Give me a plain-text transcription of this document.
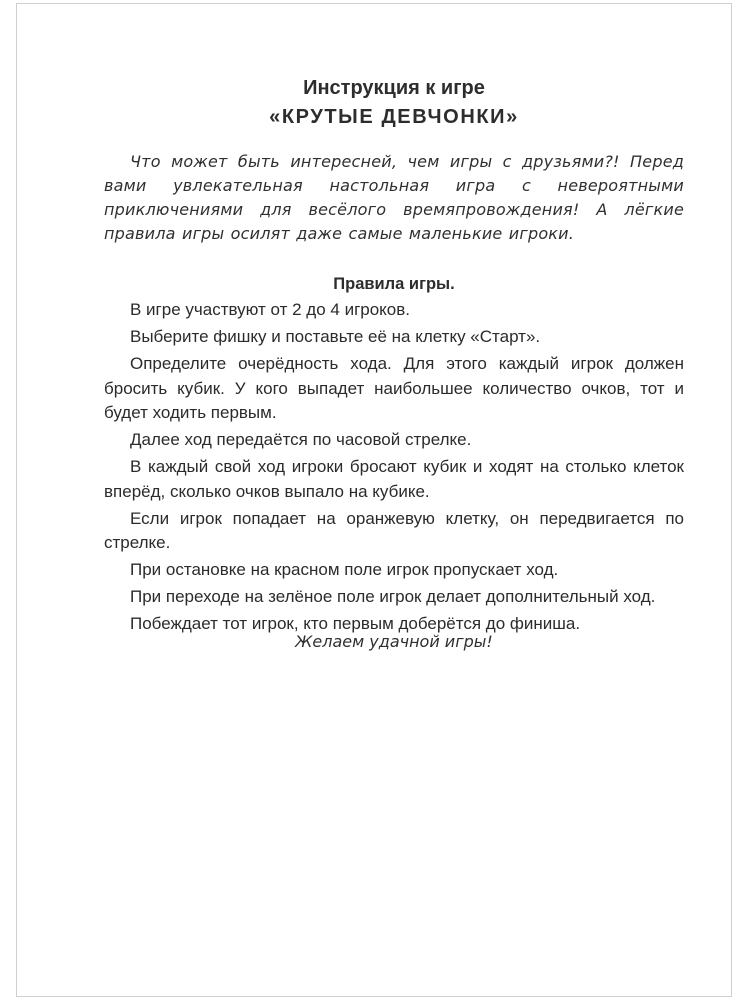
Инструкция к игре
«КРУТЫЕ ДЕВЧОНКИ»

Что может быть интересней, чем игры с друзьями?! Перед вами увлекательная настольная игра с невероятными приключениями для весёлого времяпровождения! А лёгкие правила игры осилят даже самые маленькие игроки.

Правила игры.
В игре участвуют от 2 до 4 игроков.
Выберите фишку и поставьте её на клетку «Старт».
Определите очерёдность хода. Для этого каждый игрок должен бросить кубик. У кого выпадет наибольшее количество очков, тот и будет ходить первым.
Далее ход передаётся по часовой стрелке.
В каждый свой ход игроки бросают кубик и ходят на столько клеток вперёд, сколько очков выпало на кубике.
Если игрок попадает на оранжевую клетку, он передвигается по стрелке.
При остановке на красном поле игрок пропускает ход.
При переходе на зелёное поле игрок делает дополнительный ход.
Побеждает тот игрок, кто первым доберётся до финиша.
Желаем удачной игры!
